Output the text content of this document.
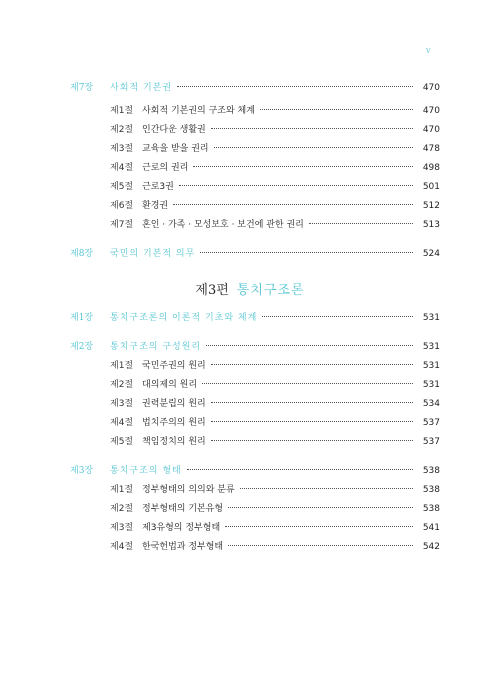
v
제7장	사회적 기본권	470
제1절 사회적 기본권의 구조와 체계	470
제2절 인간다운 생활권	470
제3절 교육을 받을 권리	478
제4절 근로의 권리	498
제5절 근로3권	501
제6절 환경권	512
제7절 혼인 · 가족 · 모성보호 · 보건에 관한 권리	513
제8장	국민의 기본적 의무	524
제3편 통치구조론
제1장	통치구조론의 이론적 기초와 체계	531
제2장	통치구조의 구성원리	531
제1절 국민주권의 원리	531
제2절 대의제의 원리	531
제3절 권력분립의 원리	534
제4절 법치주의의 원리	537
제5절 책임정치의 원리	537
제3장	통치구조의 형태	538
제1절 정부형태의 의의와 분류	538
제2절 정부형태의 기본유형	538
제3절 제3유형의 정부형태	541
제4절 한국헌법과 정부형태	542
